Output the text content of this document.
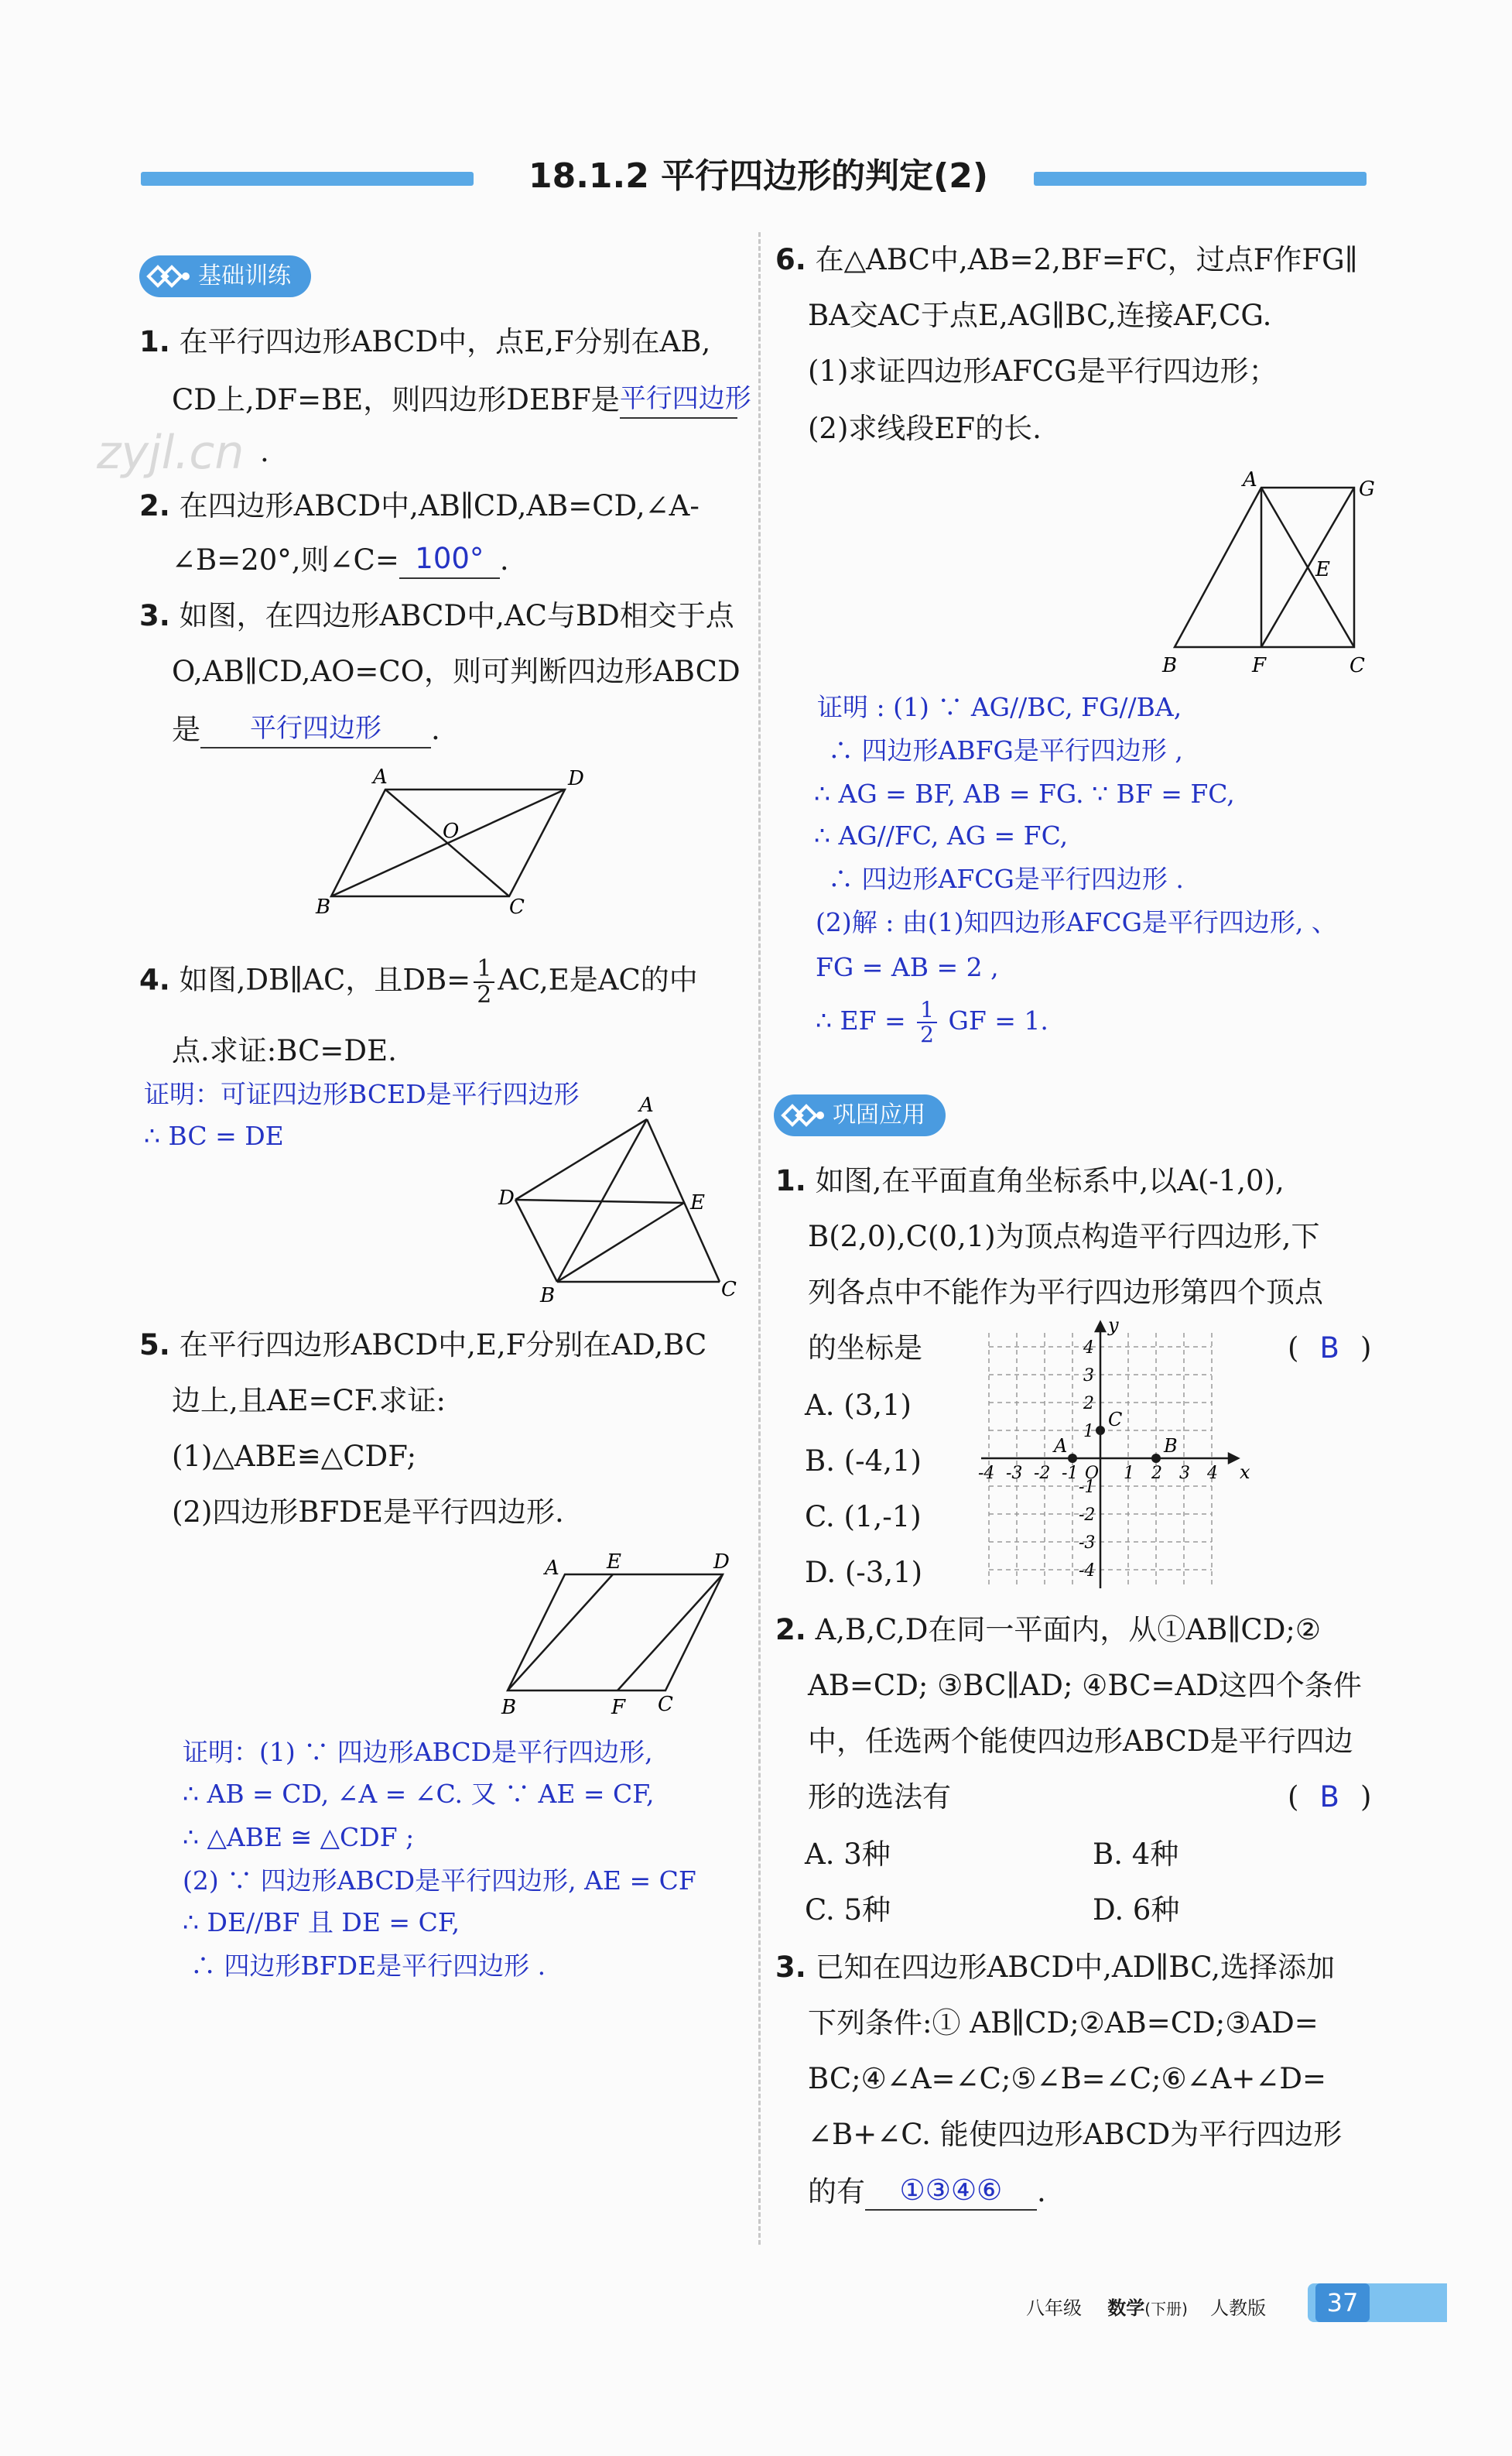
18.1.2 平行四边形的判定(2)
基础训练
1. 在平行四边形ABCD中，点E,F分别在AB,
CD上,DF=BE，则四边形DEBF是平行四边形
zyjl.cn .
2. 在四边形ABCD中,AB∥CD,AB=CD,∠A-
∠B=20°,则∠C= 100° .
3. 如图，在四边形ABCD中,AC与BD相交于点
O,AB∥CD,AO=CO，则可判断四边形ABCD
是 平行四边形 .
A	D
O
B	C
4. 如图,DB∥AC，且$DB= \frac{1}{2} AC,E$是AC的中
点.求证:BC=DE.
证明：可证四边形BCED是平行四边形
∴ BC = DE
A
D	E
B	C
5. 在平行四边形ABCD中,E,F分别在AD,BC
边上,且AE=CF.求证:
(1)△ABE≌△CDF;
(2)四边形BFDE是平行四边形.
A E	D
B	F C
证明：(1) ∵ 四边形ABCD是平行四边形,
∴ AB = CD, ∠A = ∠C. 又 ∵ AE = CF,
∴ △ABE ≅ △CDF ;
(2) ∵ 四边形ABCD是平行四边形, AE = CF
∴ DE//BF 且 DE = CF,
∴ 四边形BFDE是平行四边形 .
6. 在△ABC中,AB=2,BF=FC，过点F作FG∥
BA交AC于点E,AG∥BC,连接AF,CG.
(1)求证四边形AFCG是平行四边形；
(2)求线段EF的长.
A	G
E
B	F	C
证明 : (1) ∵ AG//BC, FG//BA,
∴ 四边形ABFG是平行四边形 ,
∴ AG = BF, AB = FG. ∵ BF = FC,
∴ AG//FC, AG = FC,
∴ 四边形AFCG是平行四边形 .
(2)解 : 由(1)知四边形AFCG是平行四边形, 、
FG = AB = 2 ,
∴ EF = $\frac{1}{2}$ GF = 1.
巩固应用
1. 如图,在平面直角坐标系中,以A(-1,0),
B(2,0),C(0,1)为顶点构造平行四边形,下
列各点中不能作为平行四边形第四个顶点
的坐标是	( B )
A. (3,1)
B. (-4,1)
C. (1,-1)
D. (-3,1)
x
y
A	B
C
-4 -3 -2 -1 O 1 2 3 4
4
3
2
1
-1
-2
-3
-4
2. A,B,C,D在同一平面内，从①AB∥CD;②
AB=CD; ③BC∥AD; ④BC=AD这四个条件
中，任选两个能使四边形ABCD是平行四边
形的选法有	( B )
A. 3种	B. 4种
C. 5种	D. 6种
3. 已知在四边形ABCD中,AD∥BC,选择添加
下列条件:① AB∥CD;②AB=CD;③AD=
BC;④∠A=∠C;⑤∠B=∠C;⑥∠A+∠D=
∠B+∠C. 能使四边形ABCD为平行四边形
的有 ①③④⑥ .
八年级 数学(下册) 人教版	37
